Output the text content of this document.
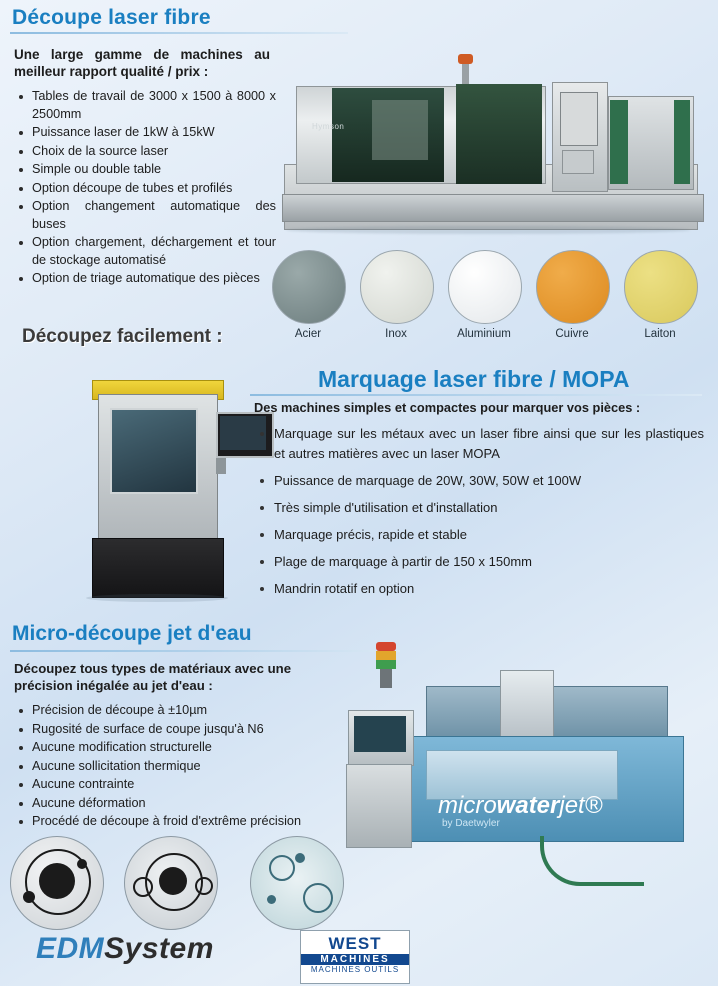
Découpe laser fibre
Une large gamme de machines au meilleur rapport qualité / prix :
Tables de travail de 3000 x 1500 à 8000 x 2500mm
Puissance laser de 1kW à 15kW
Choix de la source laser
Simple ou double table
Option découpe de tubes et profilés
Option changement automatique des buses
Option chargement, déchargement et tour de stockage automatisé
Option de triage automatique des pièces
Hymson
Acier	Inox	Aluminium	Cuivre	Laiton
Découpez facilement :
Marquage laser fibre / MOPA
Des machines simples et compactes pour marquer vos pièces :
Marquage sur les métaux avec un laser fibre ainsi que sur les plastiques et autres matières avec un laser MOPA
Puissance de marquage de 20W, 30W, 50W et 100W
Très simple d'utilisation et d'installation
Marquage précis, rapide et stable
Plage de marquage à partir de 150 x 150mm
Mandrin rotatif en option
Micro-découpe jet d'eau
Découpez tous types de matériaux avec une précision inégalée au jet d'eau :
Précision de découpe à ±10µm
Rugosité de surface de coupe jusqu'à N6
Aucune modification structurelle
Aucune sollicitation thermique
Aucune contrainte
Aucune déformation
Procédé de découpe à froid d'extrême précision
microwaterjet®
by Daetwyler
EDMSystem	WEST
MACHINES
MACHINES OUTILS
